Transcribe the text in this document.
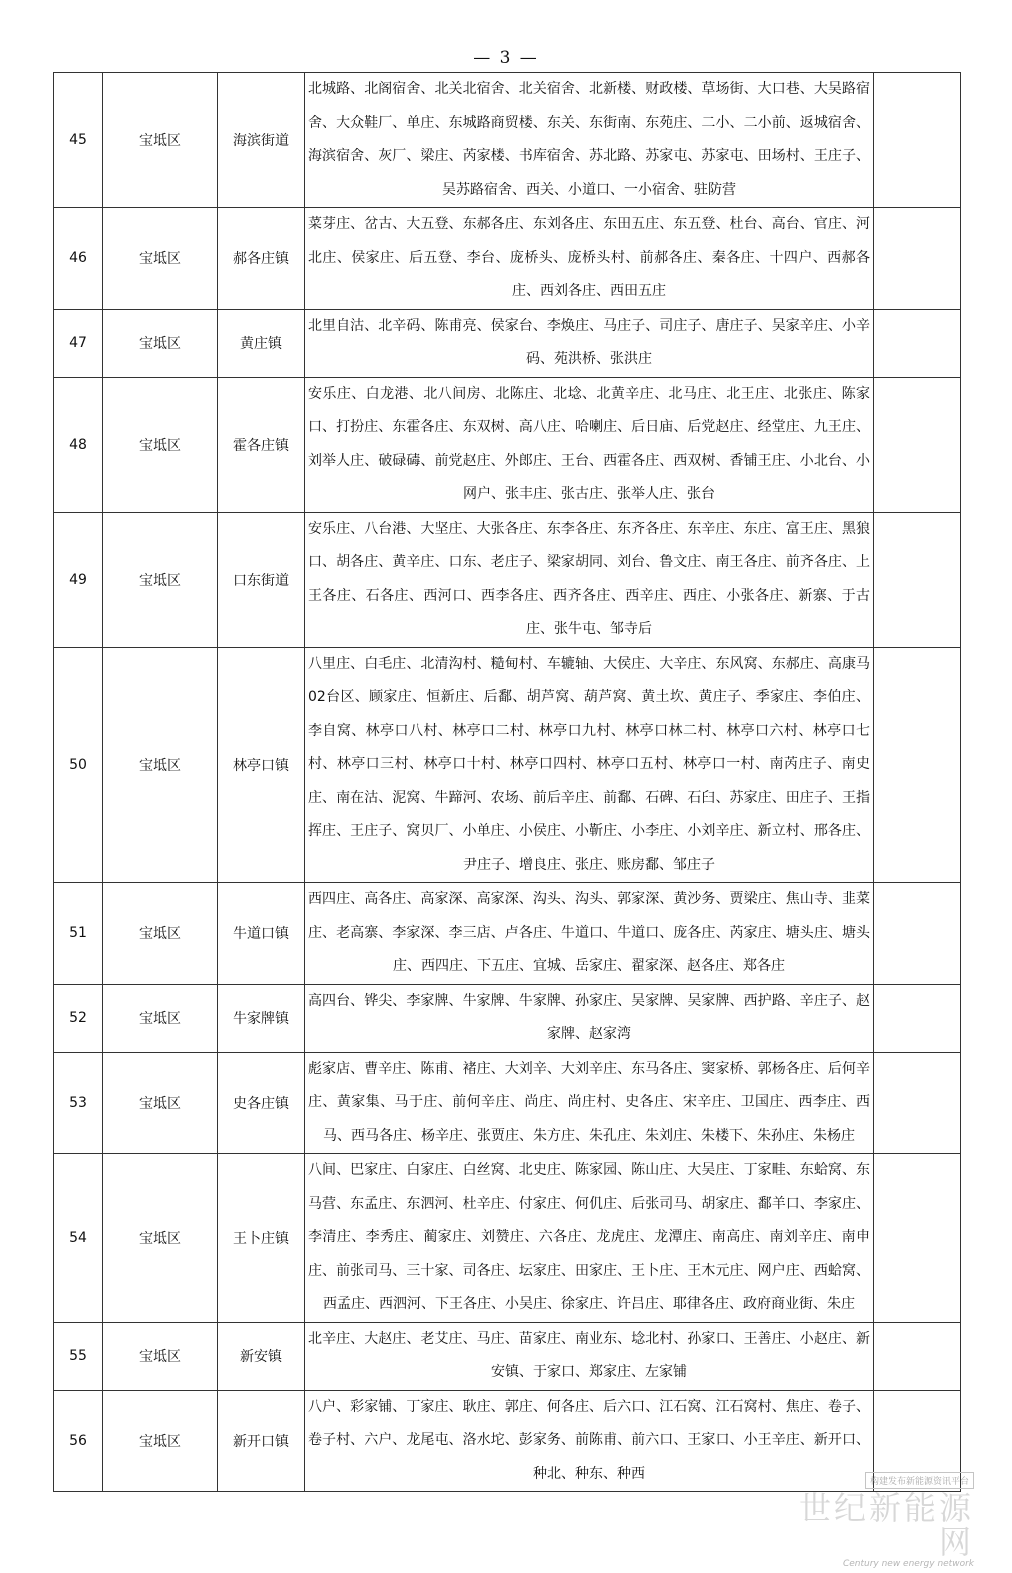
— 3 —
45	宝坻区	海滨街道	北城路、北阁宿舍、北关北宿舍、北关宿舍、北新楼、财政楼、草场街、大口巷、大吴路宿舍、大众鞋厂、单庄、东城路商贸楼、东关、东街南、东苑庄、二小、二小前、返城宿舍、海滨宿舍、灰厂、梁庄、芮家楼、书库宿舍、苏北路、苏家屯、苏家屯、田场村、王庄子、吴苏路宿舍、西关、小道口、一小宿舍、驻防营	
46	宝坻区	郝各庄镇	菜芽庄、岔古、大五登、东郝各庄、东刘各庄、东田五庄、东五登、杜台、高台、官庄、河北庄、侯家庄、后五登、李台、庞桥头、庞桥头村、前郝各庄、秦各庄、十四户、西郝各庄、西刘各庄、西田五庄	
47	宝坻区	黄庄镇	北里自沽、北辛码、陈甫亮、侯家台、李焕庄、马庄子、司庄子、唐庄子、吴家辛庄、小辛码、苑洪桥、张洪庄	
48	宝坻区	霍各庄镇	安乐庄、白龙港、北八间房、北陈庄、北埝、北黄辛庄、北马庄、北王庄、北张庄、陈家口、打扮庄、东霍各庄、东双树、高八庄、哈喇庄、后日庙、后党赵庄、经堂庄、九王庄、刘举人庄、破碌碡、前党赵庄、外郎庄、王台、西霍各庄、西双树、香铺王庄、小北台、小网户、张丰庄、张古庄、张举人庄、张台	
49	宝坻区	口东街道	安乐庄、八台港、大坚庄、大张各庄、东李各庄、东齐各庄、东辛庄、东庄、富王庄、黑狼口、胡各庄、黄辛庄、口东、老庄子、梁家胡同、刘台、鲁文庄、南王各庄、前齐各庄、上王各庄、石各庄、西河口、西李各庄、西齐各庄、西辛庄、西庄、小张各庄、新寨、于古庄、张牛屯、邹寺后	
50	宝坻区	林亭口镇	八里庄、白毛庄、北清沟村、糙甸村、车辘轴、大侯庄、大辛庄、东风窝、东郝庄、高康马02台区、顾家庄、恒新庄、后鄱、胡芦窝、葫芦窝、黄土坎、黄庄子、季家庄、李伯庄、李自窝、林亭口八村、林亭口二村、林亭口九村、林亭口林二村、林亭口六村、林亭口七村、林亭口三村、林亭口十村、林亭口四村、林亭口五村、林亭口一村、南芮庄子、南史庄、南在沽、泥窝、牛蹄河、农场、前后辛庄、前鄱、石碑、石臼、苏家庄、田庄子、王指挥庄、王庄子、窝贝厂、小单庄、小侯庄、小靳庄、小李庄、小刘辛庄、新立村、邢各庄、尹庄子、增良庄、张庄、账房鄱、邹庄子	
51	宝坻区	牛道口镇	西四庄、高各庄、高家深、高家深、沟头、沟头、郭家深、黄沙务、贾梁庄、焦山寺、韭菜庄、老高寨、李家深、李三店、卢各庄、牛道口、牛道口、庞各庄、芮家庄、塘头庄、塘头庄、西四庄、下五庄、宜城、岳家庄、翟家深、赵各庄、郑各庄	
52	宝坻区	牛家牌镇	高四台、铧尖、李家牌、牛家牌、牛家牌、孙家庄、吴家牌、吴家牌、西护路、辛庄子、赵家牌、赵家湾	
53	宝坻区	史各庄镇	彪家店、曹辛庄、陈甫、褚庄、大刘辛、大刘辛庄、东马各庄、窦家桥、郭杨各庄、后何辛庄、黄家集、马于庄、前何辛庄、尚庄、尚庄村、史各庄、宋辛庄、卫国庄、西李庄、西马、西马各庄、杨辛庄、张贾庄、朱方庄、朱孔庄、朱刘庄、朱楼下、朱孙庄、朱杨庄	
54	宝坻区	王卜庄镇	八间、巴家庄、白家庄、白丝窝、北史庄、陈家园、陈山庄、大吴庄、丁家畦、东蛤窝、东马营、东孟庄、东泗河、杜辛庄、付家庄、何仉庄、后张司马、胡家庄、鄱羊口、李家庄、李清庄、李秀庄、蔺家庄、刘赞庄、六各庄、龙虎庄、龙潭庄、南高庄、南刘辛庄、南申庄、前张司马、三十家、司各庄、坛家庄、田家庄、王卜庄、王木元庄、网户庄、西蛤窝、西孟庄、西泗河、下王各庄、小吴庄、徐家庄、许吕庄、耶律各庄、政府商业街、朱庄	
55	宝坻区	新安镇	北辛庄、大赵庄、老艾庄、马庄、苗家庄、南业东、埝北村、孙家口、王善庄、小赵庄、新安镇、于家口、郑家庄、左家铺	
56	宝坻区	新开口镇	八户、彩家铺、丁家庄、耿庄、郭庄、何各庄、后六口、江石窝、江石窝村、焦庄、卷子、卷子村、六户、龙尾屯、洛水坨、彭家务、前陈甫、前六口、王家口、小王辛庄、新开口、种北、种东、种西	
构建发布新能源资讯平台
世纪新能源网
Century new energy network
